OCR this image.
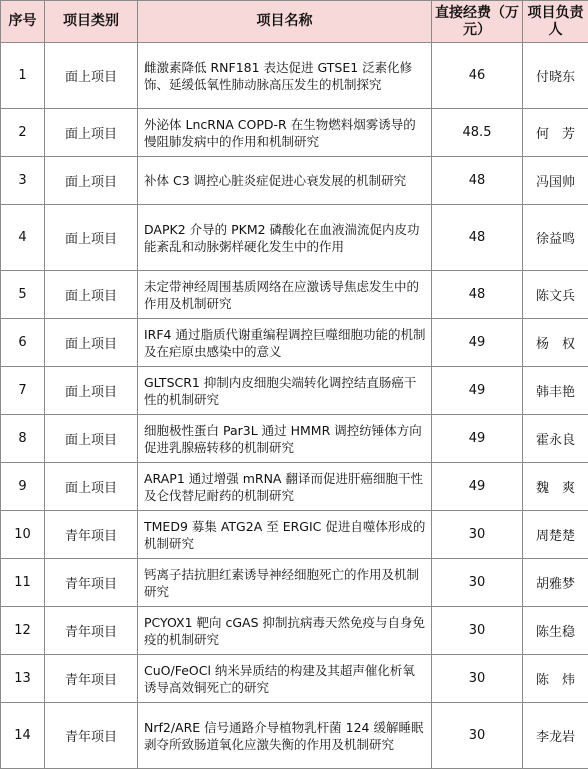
序号	项目类别	项目名称	直接经费（万元）	项目负责人
1	面上项目	雌激素降低 RNF181 表达促进 GTSE1 泛素化修饰、延缓低氧性肺动脉高压发生的机制探究	46	付晓东
2	面上项目	外泌体 LncRNA COPD-R 在生物燃料烟雾诱导的慢阻肺发病中的作用和机制研究	48.5	何　芳
3	面上项目	补体 C3 调控心脏炎症促进心衰发展的机制研究	48	冯国帅
4	面上项目	DAPK2 介导的 PKM2 磷酸化在血液湍流促内皮功能紊乱和动脉粥样硬化发生中的作用	48	徐益鸣
5	面上项目	未定带神经周围基质网络在应激诱导焦虑发生中的作用及机制研究	48	陈文兵
6	面上项目	IRF4 通过脂质代谢重编程调控巨噬细胞功能的机制及在疟原虫感染中的意义	49	杨　权
7	面上项目	GLTSCR1 抑制内皮细胞尖端转化调控结直肠癌干性的机制研究	49	韩丰艳
8	面上项目	细胞极性蛋白 Par3L 通过 HMMR 调控纺锤体方向促进乳腺癌转移的机制研究	49	霍永良
9	面上项目	ARAP1 通过增强 mRNA 翻译而促进肝癌细胞干性及仑伐替尼耐药的机制研究	49	魏　爽
10	青年项目	TMED9 募集 ATG2A 至 ERGIC 促进自噬体形成的机制研究	30	周楚楚
11	青年项目	钙离子拮抗胆红素诱导神经细胞死亡的作用及机制研究	30	胡雅梦
12	青年项目	PCYOX1 靶向 cGAS 抑制抗病毒天然免疫与自身免疫的机制研究	30	陈生稳
13	青年项目	CuO/FeOCl 纳米异质结的构建及其超声催化析氧诱导高效铜死亡的研究	30	陈　炜
14	青年项目	Nrf2/ARE 信号通路介导植物乳杆菌 124 缓解睡眠剥夺所致肠道氧化应激失衡的作用及机制研究	30	李龙岩
